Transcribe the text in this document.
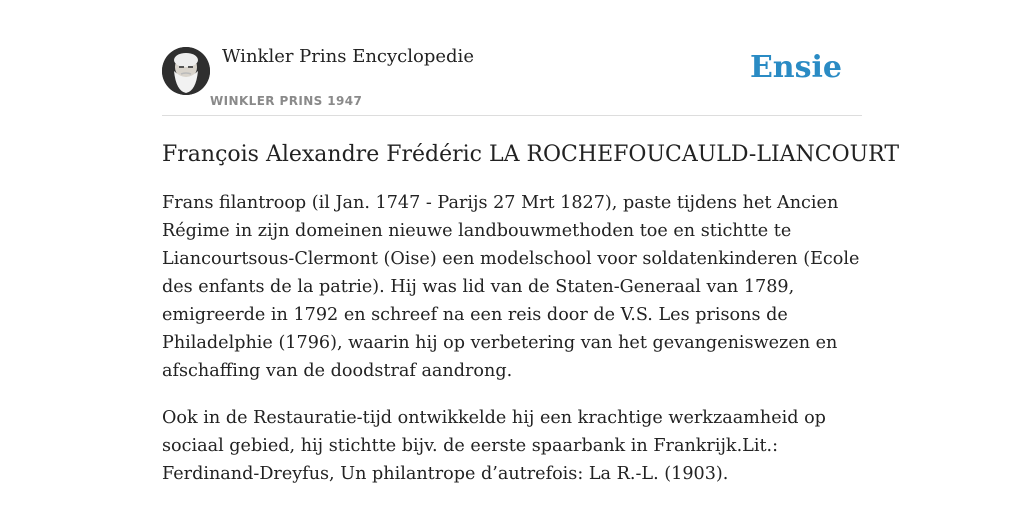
Winkler Prins Encyclopedie
WINKLER PRINS 1947
Ensie
François Alexandre Frédéric LA ROCHEFOUCAULD-LIANCOURT

Frans filantroop (il Jan. 1747 - Parijs 27 Mrt 1827), paste tijdens het Ancien Régime in zijn domeinen nieuwe landbouwmethoden toe en stichtte te Liancourtsous-Clermont (Oise) een modelschool voor soldatenkinderen (Ecole des enfants de la patrie). Hij was lid van de Staten-Generaal van 1789, emigreerde in 1792 en schreef na een reis door de V.S. Les prisons de Philadelphie (1796), waarin hij op verbetering van het gevangeniswezen en afschaffing van de doodstraf aandrong.

Ook in de Restauratie-tijd ontwikkelde hij een krachtige werkzaamheid op sociaal gebied, hij stichtte bijv. de eerste spaarbank in Frankrijk.Lit.: Ferdinand-Dreyfus, Un philantrope d’autrefois: La R.-L. (1903).
